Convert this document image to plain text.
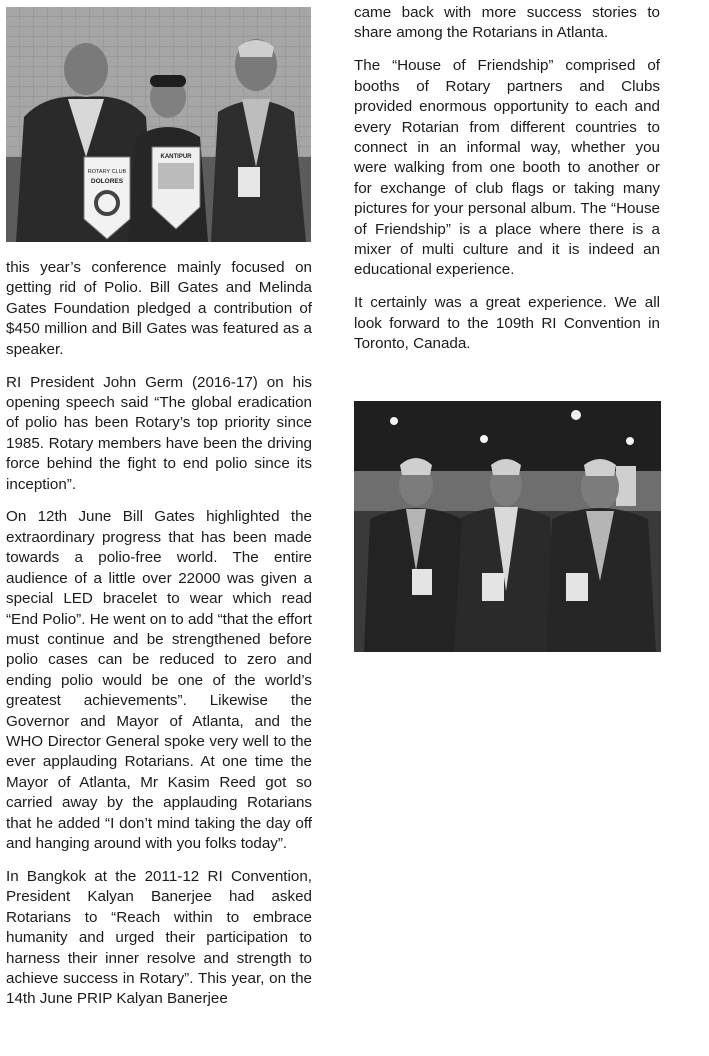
ROTARY CLUB
DOLORES
KANTIPUR

this year’s conference mainly focused on getting rid of Polio. Bill Gates and Melinda Gates Foundation pledged a contribution of $450 million and Bill Gates was featured as a speaker.

RI President John Germ (2016-17) on his opening speech said “The global eradication of polio has been Rotary’s top priority since 1985. Rotary members have been the driving force behind the fight to end polio since its inception”.

On 12th June Bill Gates highlighted the extraordinary progress that has been made towards a polio-free world. The entire audience of a little over 22000 was given a special LED bracelet to wear which read “End Polio”. He went on to add “that the effort must continue and be strengthened before polio cases can be reduced to zero and ending polio would be one of the world’s greatest achievements”. Likewise the Governor and Mayor of Atlanta, and the WHO Director General spoke very well to the ever applauding Rotarians. At one time the Mayor of Atlanta, Mr Kasim Reed got so carried away by the applauding Rotarians that he added “I don’t mind taking the day off and hanging around with you folks today”.

In Bangkok at the 2011-12 RI Convention, President Kalyan Banerjee had asked Rotarians to “Reach within to embrace humanity and urged their participation to harness their inner resolve and strength to achieve success in Rotary”. This year, on the 14th June PRIP Kalyan Banerjee

came back with more success stories to share among the Rotarians in Atlanta.

The “House of Friendship” comprised of booths of Rotary partners and Clubs provided enormous opportunity to each and every Rotarian from different countries to connect in an informal way, whether you were walking from one booth to another or for exchange of club flags or taking many pictures for your personal album. The “House of Friendship” is a place where there is a mixer of multi culture and it is indeed an educational experience.

It certainly was a great experience. We all look forward to the 109th RI Convention in Toronto, Canada.
